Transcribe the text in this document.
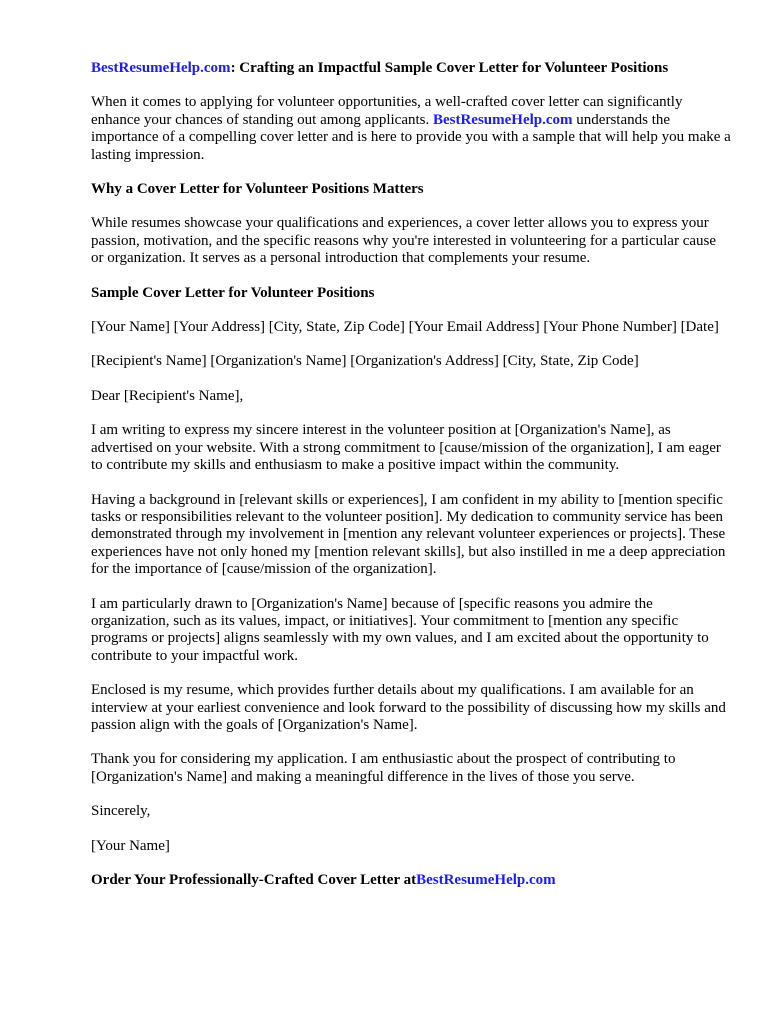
BestResumeHelp.com: Crafting an Impactful Sample Cover Letter for Volunteer Positions

When it comes to applying for volunteer opportunities, a well-crafted cover letter can significantly enhance your chances of standing out among applicants. BestResumeHelp.com understands the importance of a compelling cover letter and is here to provide you with a sample that will help you make a lasting impression.

Why a Cover Letter for Volunteer Positions Matters

While resumes showcase your qualifications and experiences, a cover letter allows you to express your passion, motivation, and the specific reasons why you're interested in volunteering for a particular cause or organization. It serves as a personal introduction that complements your resume.

Sample Cover Letter for Volunteer Positions

[Your Name] [Your Address] [City, State, Zip Code] [Your Email Address] [Your Phone Number] [Date]

[Recipient's Name] [Organization's Name] [Organization's Address] [City, State, Zip Code]

Dear [Recipient's Name],

I am writing to express my sincere interest in the volunteer position at [Organization's Name], as advertised on your website. With a strong commitment to [cause/mission of the organization], I am eager to contribute my skills and enthusiasm to make a positive impact within the community.

Having a background in [relevant skills or experiences], I am confident in my ability to [mention specific tasks or responsibilities relevant to the volunteer position]. My dedication to community service has been demonstrated through my involvement in [mention any relevant volunteer experiences or projects]. These experiences have not only honed my [mention relevant skills], but also instilled in me a deep appreciation for the importance of [cause/mission of the organization].

I am particularly drawn to [Organization's Name] because of [specific reasons you admire the organization, such as its values, impact, or initiatives]. Your commitment to [mention any specific programs or projects] aligns seamlessly with my own values, and I am excited about the opportunity to contribute to your impactful work.

Enclosed is my resume, which provides further details about my qualifications. I am available for an interview at your earliest convenience and look forward to the possibility of discussing how my skills and passion align with the goals of [Organization's Name].

Thank you for considering my application. I am enthusiastic about the prospect of contributing to [Organization's Name] and making a meaningful difference in the lives of those you serve.

Sincerely,

[Your Name]

Order Your Professionally-Crafted Cover Letter atBestResumeHelp.com
